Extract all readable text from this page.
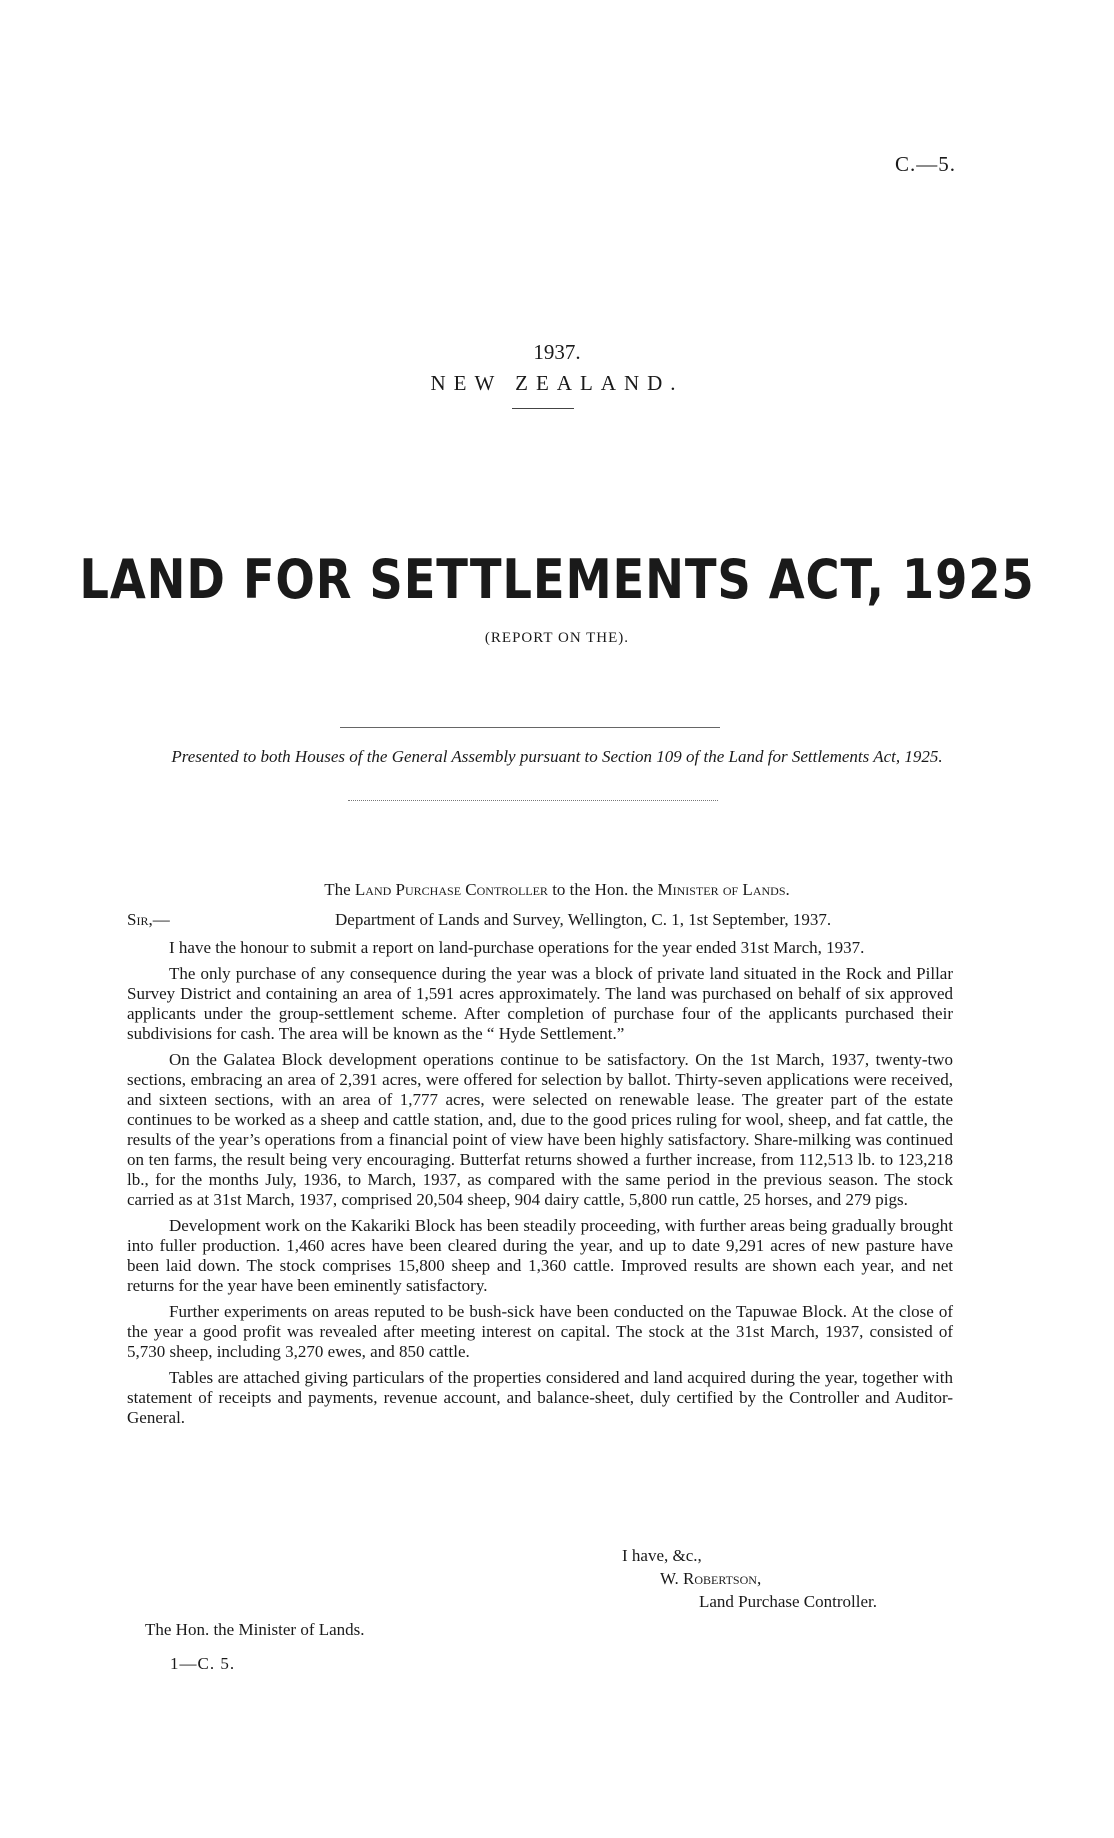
C.—5.
1937.
NEW ZEALAND.
LAND FOR SETTLEMENTS ACT, 1925
(REPORT ON THE).
Presented to both Houses of the General Assembly pursuant to Section 109 of the Land for Settlements Act, 1925.
The Land Purchase Controller to the Hon. the Minister of Lands.
Sir,—	Department of Lands and Survey, Wellington, C. 1, 1st September, 1937.

I have the honour to submit a report on land-purchase operations for the year ended 31st March, 1937.

The only purchase of any consequence during the year was a block of private land situated in the Rock and Pillar Survey District and containing an area of 1,591 acres approximately. The land was purchased on behalf of six approved applicants under the group-settlement scheme. After completion of purchase four of the applicants purchased their subdivisions for cash. The area will be known as the “ Hyde Settlement.”

On the Galatea Block development operations continue to be satisfactory. On the 1st March, 1937, twenty-two sections, embracing an area of 2,391 acres, were offered for selection by ballot. Thirty-seven applications were received, and sixteen sections, with an area of 1,777 acres, were selected on renewable lease. The greater part of the estate continues to be worked as a sheep and cattle station, and, due to the good prices ruling for wool, sheep, and fat cattle, the results of the year’s operations from a financial point of view have been highly satisfactory. Share-milking was continued on ten farms, the result being very encouraging. Butterfat returns showed a further increase, from 112,513 lb. to 123,218 lb., for the months July, 1936, to March, 1937, as compared with the same period in the previous season. The stock carried as at 31st March, 1937, comprised 20,504 sheep, 904 dairy cattle, 5,800 run cattle, 25 horses, and 279 pigs.

Development work on the Kakariki Block has been steadily proceeding, with further areas being gradually brought into fuller production. 1,460 acres have been cleared during the year, and up to date 9,291 acres of new pasture have been laid down. The stock comprises 15,800 sheep and 1,360 cattle. Improved results are shown each year, and net returns for the year have been eminently satisfactory.

Further experiments on areas reputed to be bush-sick have been conducted on the Tapuwae Block. At the close of the year a good profit was revealed after meeting interest on capital. The stock at the 31st March, 1937, consisted of 5,730 sheep, including 3,270 ewes, and 850 cattle.

Tables are attached giving particulars of the properties considered and land acquired during the year, together with statement of receipts and payments, revenue account, and balance-sheet, duly certified by the Controller and Auditor-General.

I have, &c.,
W. Robertson,
Land Purchase Controller.
The Hon. the Minister of Lands.
1—C. 5.
